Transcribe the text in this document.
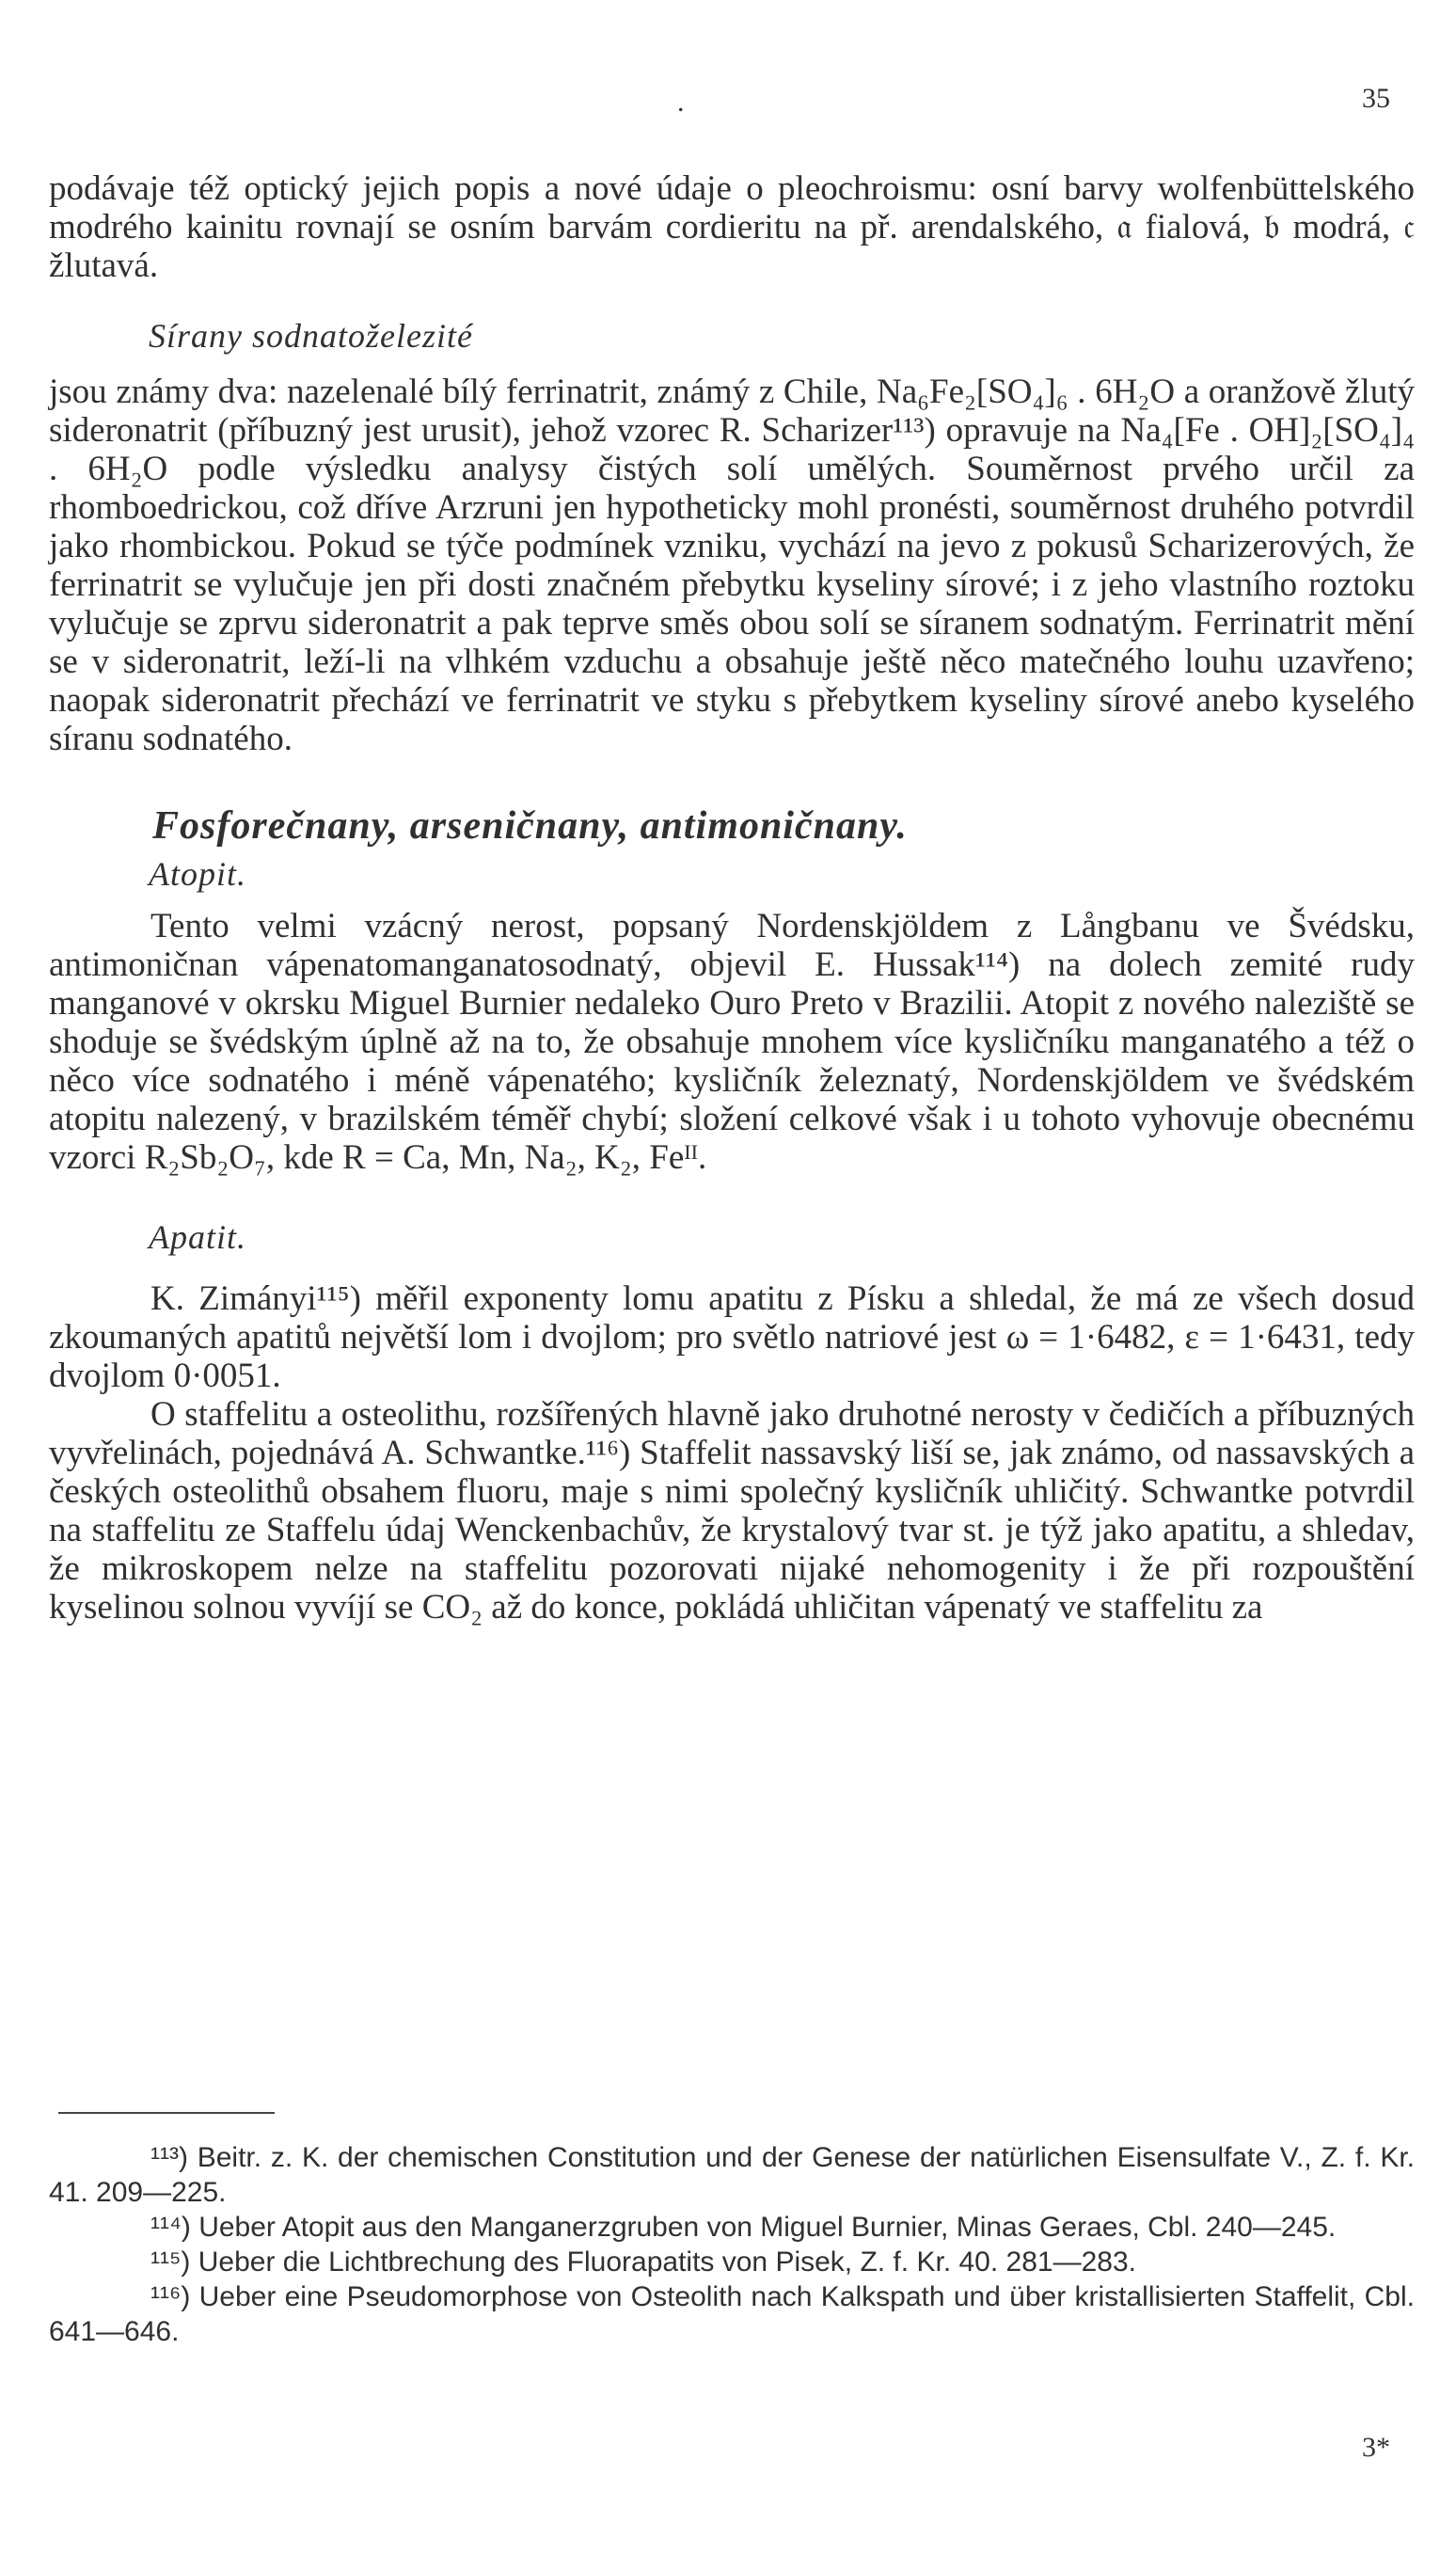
.	35

podávaje též optický jejich popis a nové údaje o pleochroismu: osní barvy wolfenbüttelského modrého kainitu rovnají se osním barvám cordieritu na př. arendalského, 𝔞 fialová, 𝔟 modrá, 𝔠 žlutavá.

Sírany sodnatoželezité

jsou známy dva: nazelenalé bílý ferrinatrit, známý z Chile, Na₆Fe₂[SO₄]₆ . 6H₂O a oranžově žlutý sideronatrit (příbuzný jest urusit), jehož vzorec R. Scharizer¹¹³) opravuje na Na₄[Fe . OH]₂[SO₄]₄ . 6H₂O podle výsledku analysy čistých solí umělých. Souměrnost prvého určil za rhomboedrickou, což dříve Arzruni jen hypotheticky mohl pronésti, souměrnost druhého potvrdil jako rhombickou. Pokud se týče podmínek vzniku, vychází na jevo z pokusů Scharizerových, že ferrinatrit se vylučuje jen při dosti značném přebytku kyseliny sírové; i z jeho vlastního roztoku vylučuje se zprvu sideronatrit a pak teprve směs obou solí se síranem sodnatým. Ferrinatrit mění se v sideronatrit, leží-li na vlhkém vzduchu a obsahuje ještě něco matečného louhu uzavřeno; naopak sideronatrit přechází ve ferrinatrit ve styku s přebytkem kyseliny sírové anebo kyselého síranu sodnatého.

Fosforečnany, arseničnany, antimoničnany.

Atopit.

Tento velmi vzácný nerost, popsaný Nordenskjöldem z Långbanu ve Švédsku, antimoničnan vápenatomanganatosodnatý, objevil E. Hussak¹¹⁴) na dolech zemité rudy manganové v okrsku Miguel Burnier nedaleko Ouro Preto v Brazilii. Atopit z nového naleziště se shoduje se švédským úplně až na to, že obsahuje mnohem více kysličníku manganatého a též o něco více sodnatého i méně vápenatého; kysličník železnatý, Nordenskjöldem ve švédském atopitu nalezený, v brazilském téměř chybí; složení celkové však i u tohoto vyhovuje obecnému vzorci R₂Sb₂O₇, kde R = Ca, Mn, Na₂, K₂, Feᴵᴵ.

Apatit.

K. Zimányi¹¹⁵) měřil exponenty lomu apatitu z Písku a shledal, že má ze všech dosud zkoumaných apatitů největší lom i dvojlom; pro světlo natriové jest ω = 1·6482, ε = 1·6431, tedy dvojlom 0·0051.

O staffelitu a osteolithu, rozšířených hlavně jako druhotné nerosty v čedičích a příbuzných vyvřelinách, pojednává A. Schwantke.¹¹⁶) Staffelit nassavský liší se, jak známo, od nassavských a českých osteolithů obsahem fluoru, maje s nimi společný kysličník uhličitý. Schwantke potvrdil na staffelitu ze Staffelu údaj Wenckenbachův, že krystalový tvar st. je týž jako apatitu, a shledav, že mikroskopem nelze na staffelitu pozorovati nijaké nehomogenity i že při rozpouštění kyselinou solnou vyvíjí se CO₂ až do konce, pokládá uhličitan vápenatý ve staffelitu za

¹¹³) Beitr. z. K. der chemischen Constitution und der Genese der natürlichen Eisensulfate V., Z. f. Kr. 41. 209—225.

¹¹⁴) Ueber Atopit aus den Manganerzgruben von Miguel Burnier, Minas Geraes, Cbl. 240—245.

¹¹⁵) Ueber die Lichtbrechung des Fluorapatits von Pisek, Z. f. Kr. 40. 281—283.

¹¹⁶) Ueber eine Pseudomorphose von Osteolith nach Kalkspath und über kristallisierten Staffelit, Cbl. 641—646.

3*
